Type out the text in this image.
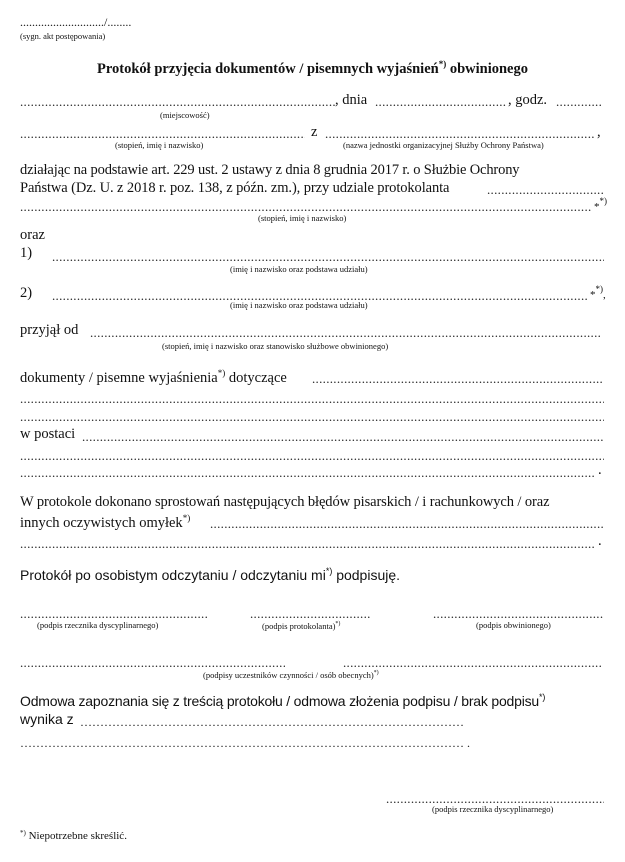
............................/........
(sygn. akt postępowania)
Protokół przyjęcia dokumentów / pisemnych wyjaśnień*) obwinionego
.....
, dnia .....	, godz.
.....
(miejscowość)
.....
z .....	,
(stopień, imię i nazwisko)	(nazwa jednostki organizacyjnej Służby Ochrony Państwa)
działając na podstawie art. 229 ust. 2 ustawy z dnia 8 grudnia 2017 r. o Służbie Ochrony
Państwa (Dz. U. z 2018 r. poz. 138, z późn. zm.), przy udziale protokolanta
.....
.....
**)
(stopień, imię i nazwisko)
oraz
1)
.....
(imię i nazwisko oraz podstawa udziału)
2) .....	**),
(imię i nazwisko oraz podstawa udziału)
przyjął od
.....
(stopień, imię i nazwisko oraz stanowisko służbowe obwinionego)
dokumenty / pisemne wyjaśnienia*) dotyczące
.....
.....
.....
w postaci
.....
.....
.....
.
W protokole dokonano sprostowań następujących błędów pisarskich / i rachunkowych / oraz
innych oczywistych omyłek*)
.....
.....
.
Protokół po osobistym odczytaniu / odczytaniu mi*) podpisuję.
.....
.....
.....
(podpis rzecznika dyscyplinarnego)	(podpis protokolanta)*)	(podpis obwinionego)
.....
.....
(podpisy uczestników czynności / osób obecnych)*)
Odmowa zapoznania się z treścią protokołu / odmowa złożenia podpisu / brak podpisu*)
wynika z ……………………………………………………………………………………
………………………………………………………………………………………………… .
.....
(podpis rzecznika dyscyplinarnego)
*) Niepotrzebne skreślić.
